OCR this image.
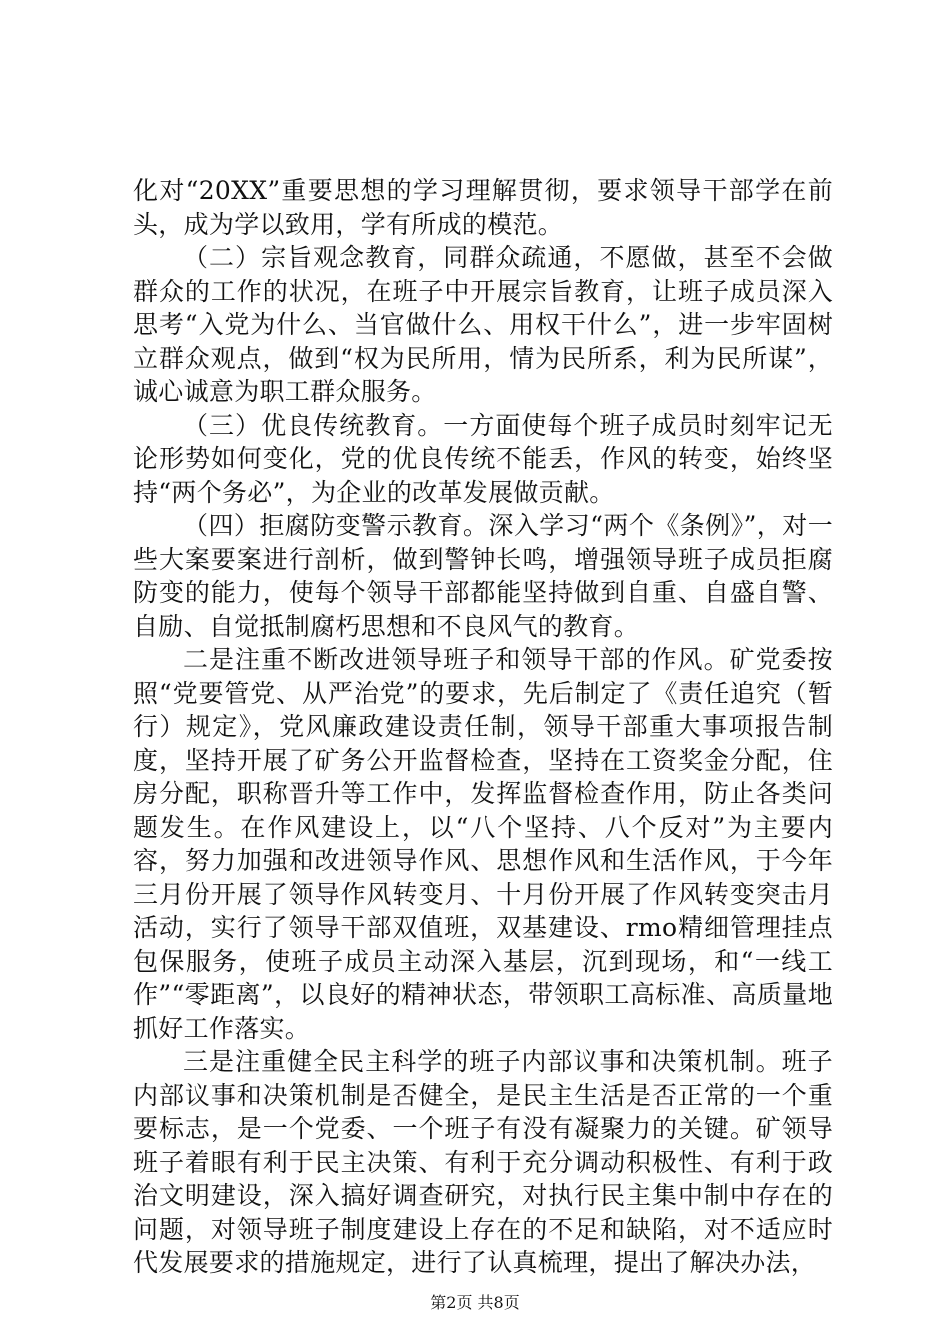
化对“20XX”重要思想的学习理解贯彻，要求领导干部学在前头，成为学以致用，学有所成的模范。

（二）宗旨观念教育，同群众疏通，不愿做，甚至不会做群众的工作的状况，在班子中开展宗旨教育，让班子成员深入思考“入党为什么、当官做什么、用权干什么”，进一步牢固树立群众观点，做到“权为民所用，情为民所系，利为民所谋”，诚心诚意为职工群众服务。

（三）优良传统教育。一方面使每个班子成员时刻牢记无论形势如何变化，党的优良传统不能丢，作风的转变，始终坚持“两个务必”，为企业的改革发展做贡献。

（四）拒腐防变警示教育。深入学习“两个《条例》”，对一些大案要案进行剖析，做到警钟长鸣，增强领导班子成员拒腐防变的能力，使每个领导干部都能坚持做到自重、自盛自警、自励、自觉抵制腐朽思想和不良风气的教育。

二是注重不断改进领导班子和领导干部的作风。矿党委按照“党要管党、从严治党”的要求，先后制定了《责任追究（暂行）规定》，党风廉政建设责任制，领导干部重大事项报告制度，坚持开展了矿务公开监督检查，坚持在工资奖金分配，住房分配，职称晋升等工作中，发挥监督检查作用，防止各类问题发生。在作风建设上，以“八个坚持、八个反对”为主要内容，努力加强和改进领导作风、思想作风和生活作风，于今年三月份开展了领导作风转变月、十月份开展了作风转变突击月活动，实行了领导干部双值班，双基建设、rmo精细管理挂点包保服务，使班子成员主动深入基层，沉到现场，和“一线工作”“零距离”，以良好的精神状态，带领职工高标准、高质量地抓好工作落实。

三是注重健全民主科学的班子内部议事和决策机制。班子内部议事和决策机制是否健全，是民主生活是否正常的一个重要标志，是一个党委、一个班子有没有凝聚力的关键。矿领导班子着眼有利于民主决策、有利于充分调动积极性、有利于政治文明建设，深入搞好调查研究，对执行民主集中制中存在的问题，对领导班子制度建设上存在的不足和缺陷，对不适应时代发展要求的措施规定，进行了认真梳理，提出了解决办法，

第2页 共8页
